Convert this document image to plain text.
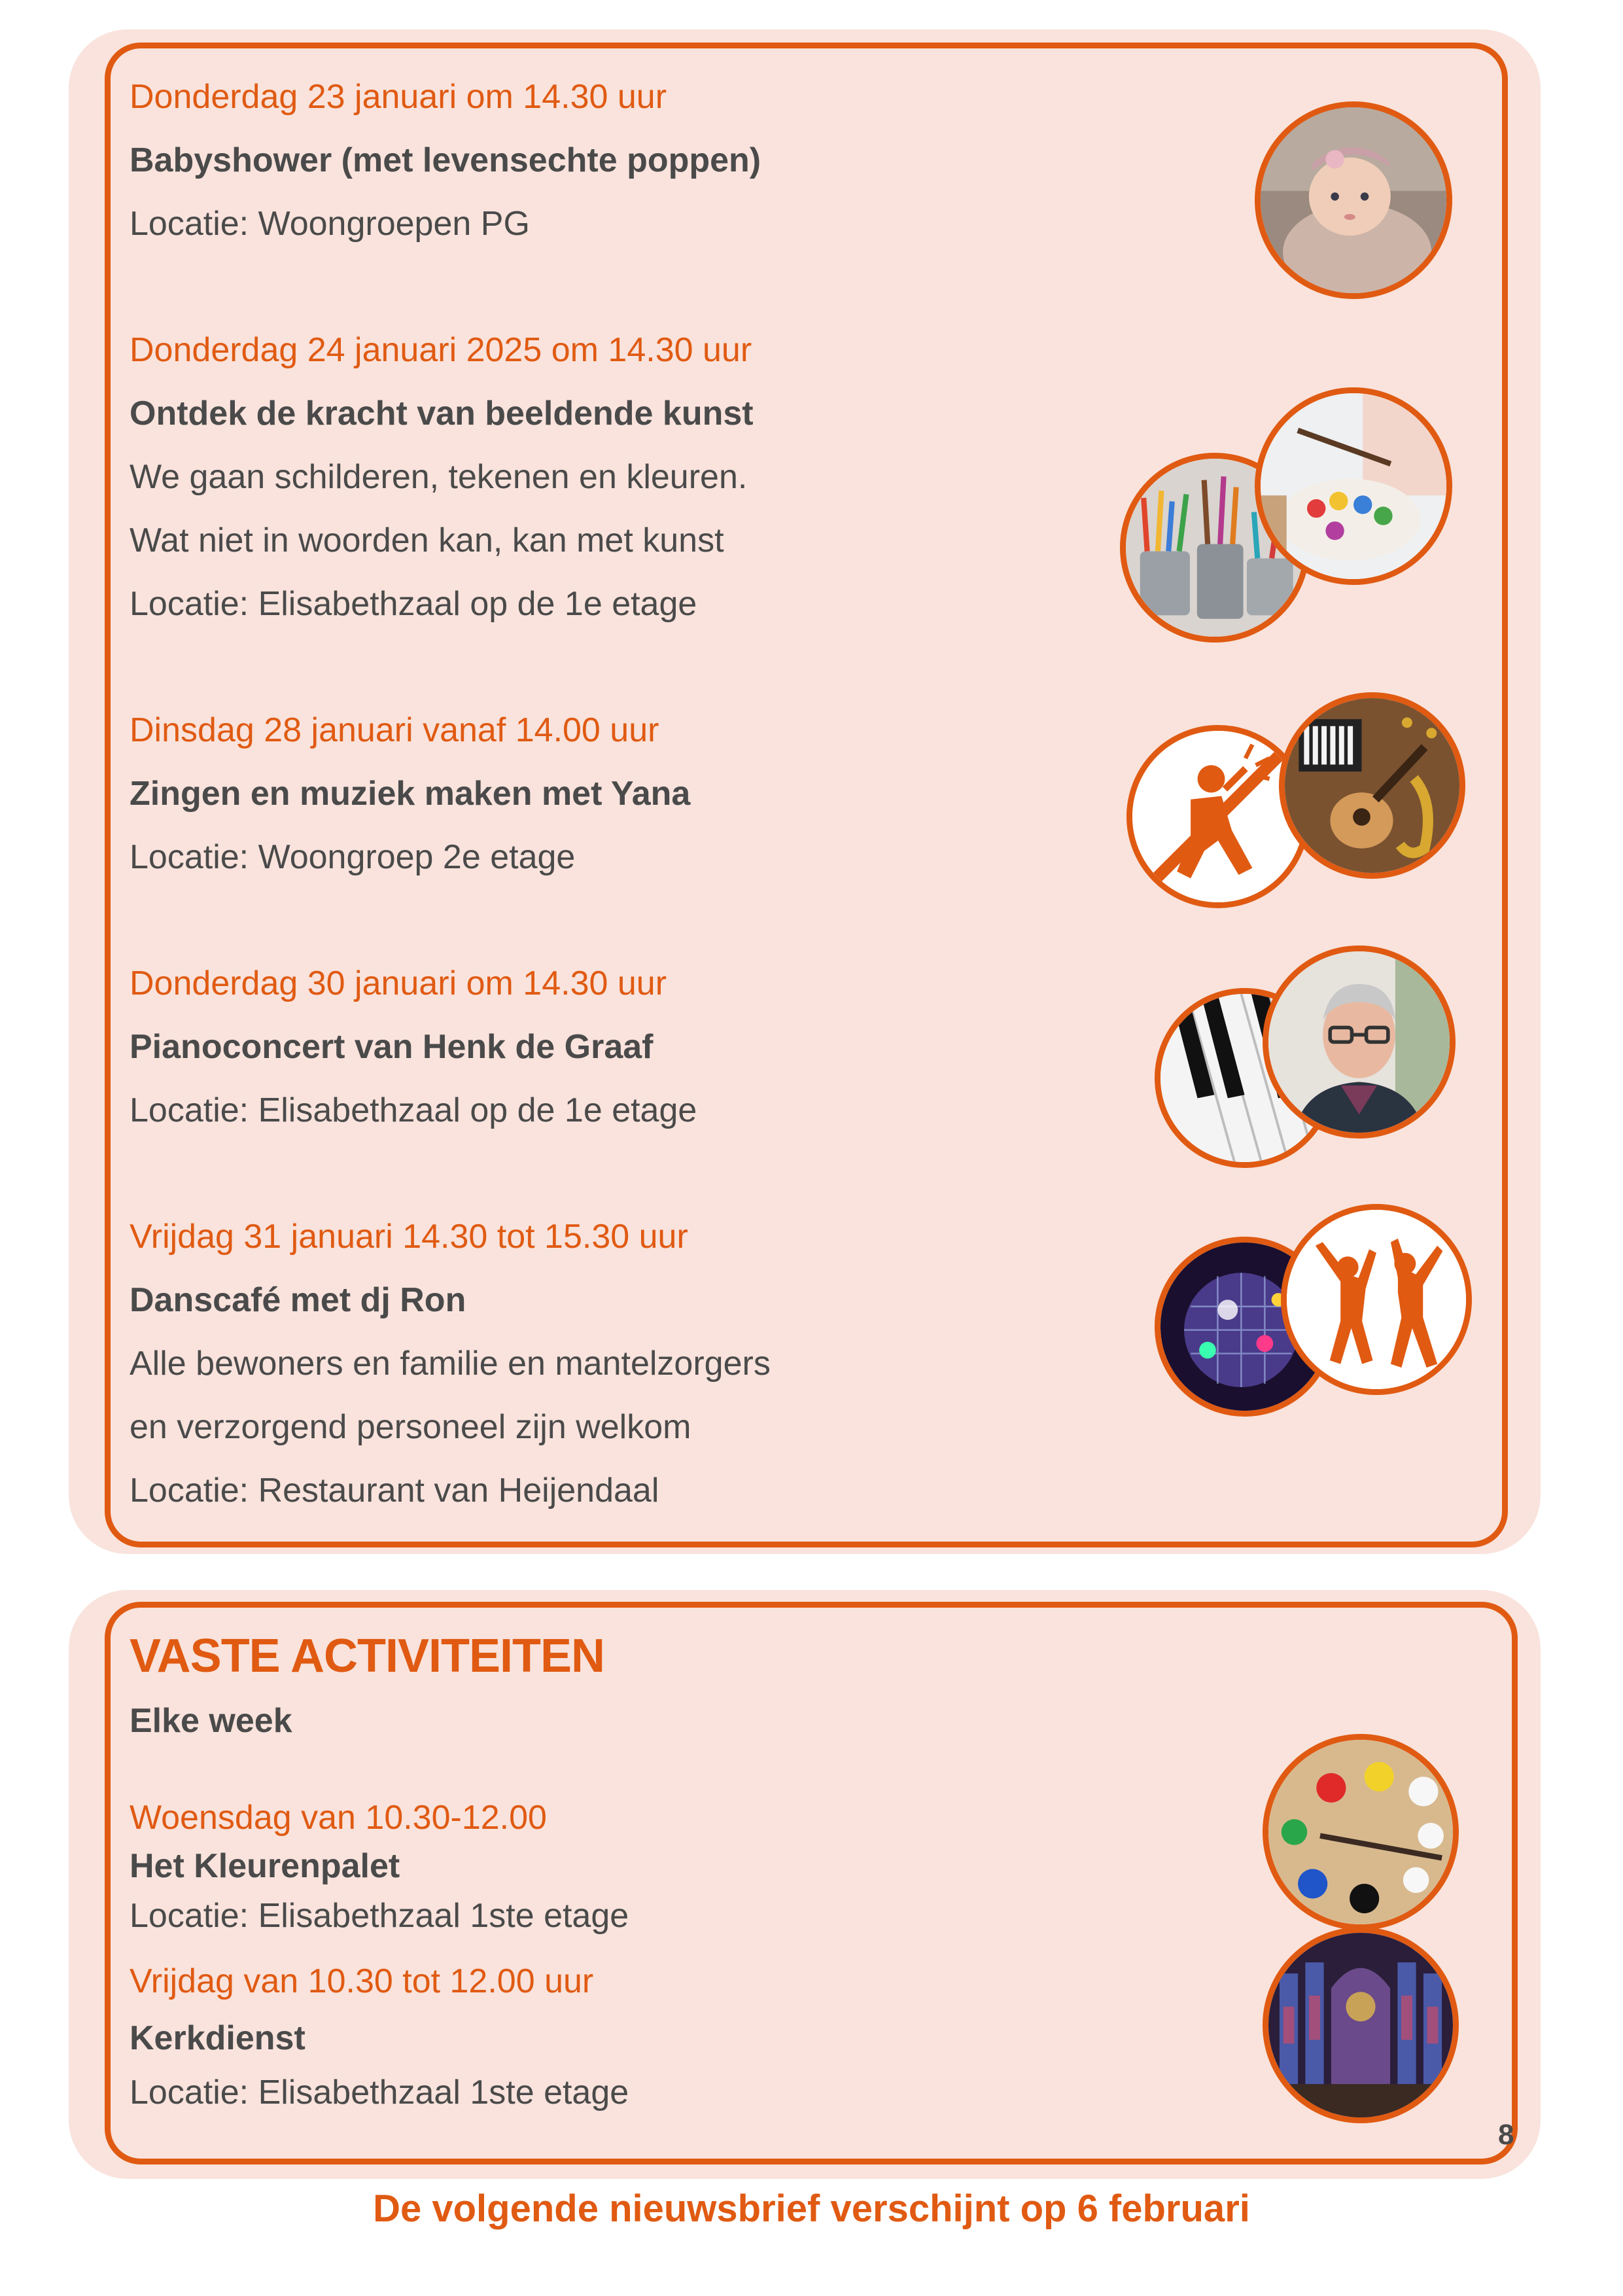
Donderdag 23 januari om 14.30 uur
Babyshower (met levensechte poppen)
Locatie: Woongroepen PG
Donderdag 24 januari 2025 om 14.30 uur
Ontdek de kracht van beeldende kunst
We gaan schilderen, tekenen en kleuren.
Wat niet in woorden kan, kan met kunst
Locatie: Elisabethzaal op de 1e etage
Dinsdag 28 januari vanaf 14.00 uur
Zingen en muziek maken met Yana
Locatie: Woongroep 2e etage
Donderdag 30 januari om 14.30 uur
Pianoconcert van Henk de Graaf
Locatie: Elisabethzaal op de 1e etage
Vrijdag 31 januari 14.30 tot 15.30 uur
Danscafé met dj Ron
Alle bewoners en familie en mantelzorgers
en verzorgend personeel zijn welkom
Locatie: Restaurant van Heijendaal
VASTE ACTIVITEITEN
Elke week
Woensdag van 10.30-12.00
Het Kleurenpalet
Locatie: Elisabethzaal 1ste etage
Vrijdag van 10.30 tot 12.00 uur
Kerkdienst
Locatie: Elisabethzaal 1ste etage
8
De volgende nieuwsbrief verschijnt op 6 februari
